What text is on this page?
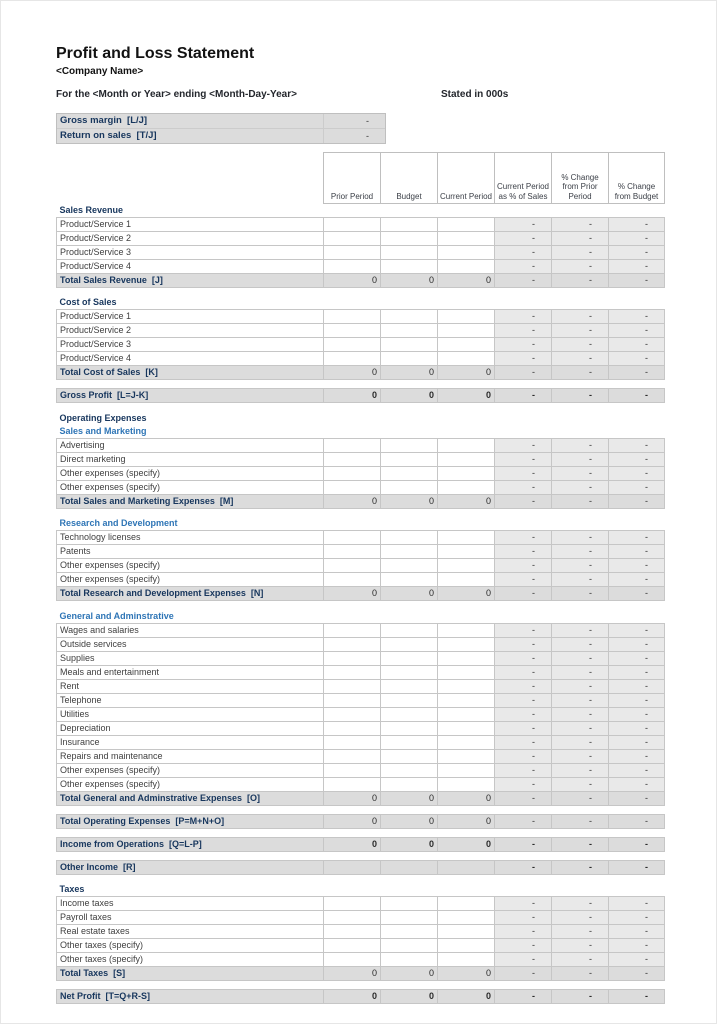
Profit and Loss Statement
<Company Name>
For the <Month or Year> ending <Month-Day-Year>	Stated in 000s
Gross margin  [L/J]	-
Return on sales  [T/J]	-
	Prior Period	Budget	Current Period	Current Period as % of Sales	% Change from Prior Period	% Change from Budget
Sales Revenue						
Product/Service 1				-	-	-
Product/Service 2				-	-	-
Product/Service 3				-	-	-
Product/Service 4				-	-	-
Total Sales Revenue  [J]	0	0	0	-	-	-

Cost of Sales						
Product/Service 1				-	-	-
Product/Service 2				-	-	-
Product/Service 3				-	-	-
Product/Service 4				-	-	-
Total Cost of Sales  [K]	0	0	0	-	-	-

Gross Profit  [L=J-K]	0	0	0	-	-	-

Operating Expenses						
Sales and Marketing						
Advertising				-	-	-
Direct marketing				-	-	-
Other expenses (specify)				-	-	-
Other expenses (specify)				-	-	-
Total Sales and Marketing Expenses  [M]	0	0	0	-	-	-

Research and Development						
Technology licenses				-	-	-
Patents				-	-	-
Other expenses (specify)				-	-	-
Other expenses (specify)				-	-	-
Total Research and Development Expenses  [N]	0	0	0	-	-	-

General and Adminstrative						
Wages and salaries				-	-	-
Outside services				-	-	-
Supplies				-	-	-
Meals and entertainment				-	-	-
Rent				-	-	-
Telephone				-	-	-
Utilities				-	-	-
Depreciation				-	-	-
Insurance				-	-	-
Repairs and maintenance				-	-	-
Other expenses (specify)				-	-	-
Other expenses (specify)				-	-	-
Total General and Adminstrative Expenses  [O]	0	0	0	-	-	-

Total Operating Expenses  [P=M+N+O]	0	0	0	-	-	-

Income from Operations  [Q=L-P]	0	0	0	-	-	-

Other Income  [R]				-	-	-

Taxes						
Income taxes				-	-	-
Payroll taxes				-	-	-
Real estate taxes				-	-	-
Other taxes (specify)				-	-	-
Other taxes (specify)				-	-	-
Total Taxes  [S]	0	0	0	-	-	-

Net Profit  [T=Q+R-S]	0	0	0	-	-	-
